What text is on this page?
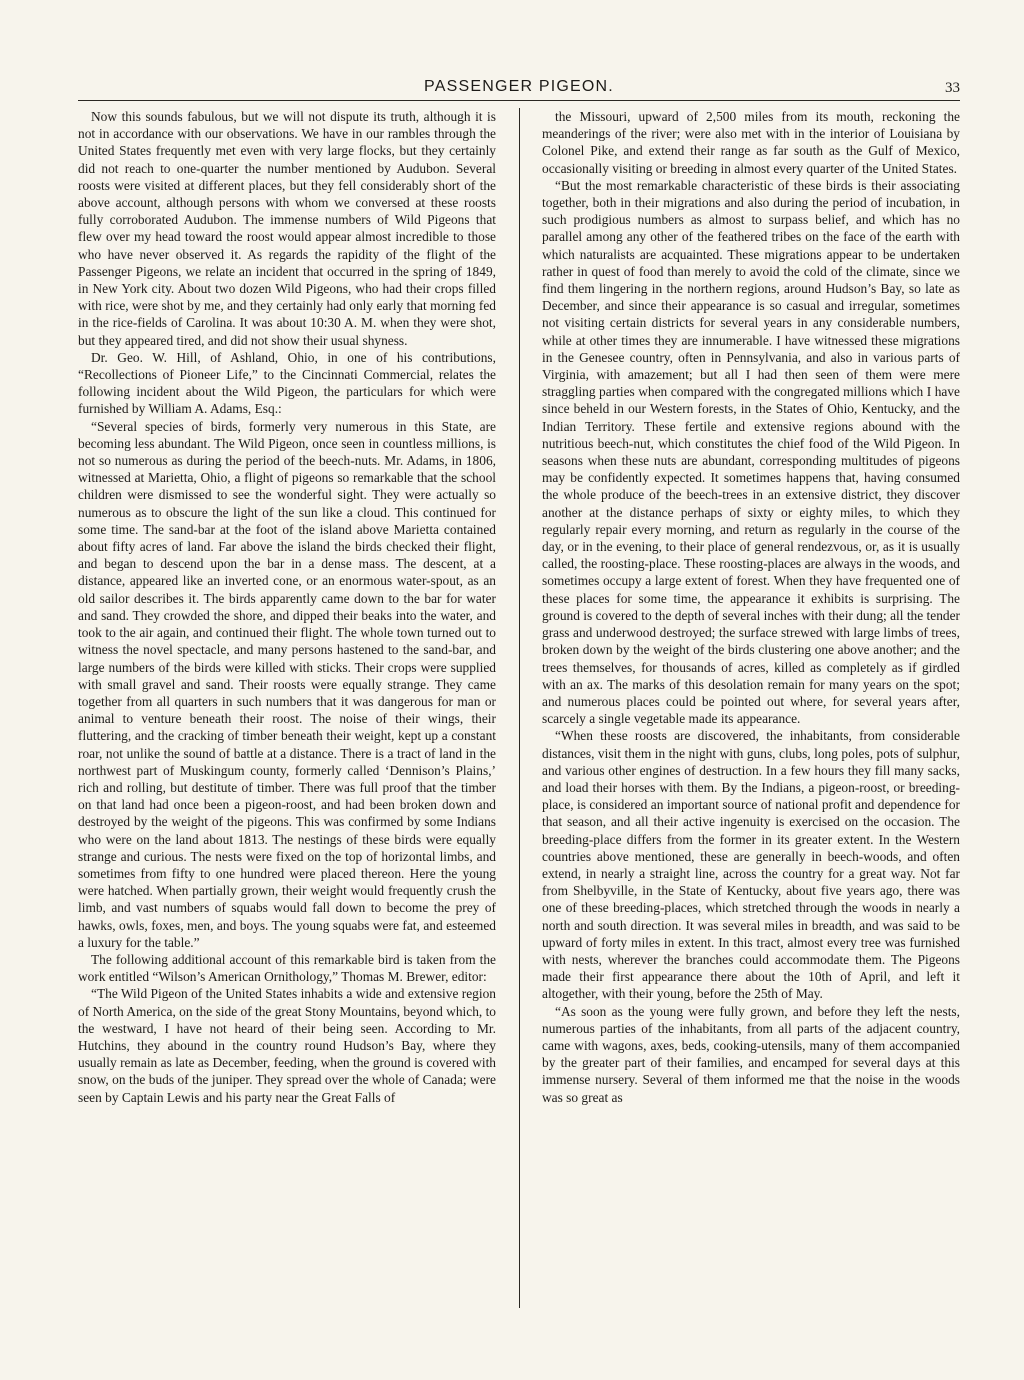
PASSENGER PIGEON.	33

Now this sounds fabulous, but we will not dispute its truth, although it is not in accordance with our observations. We have in our rambles through the United States frequently met even with very large flocks, but they certainly did not reach to one-quarter the number mentioned by Audubon. Several roosts were visited at different places, but they fell considerably short of the above account, although persons with whom we conversed at these roosts fully corroborated Audubon. The immense numbers of Wild Pigeons that flew over my head toward the roost would appear almost incredible to those who have never observed it. As regards the rapidity of the flight of the Passenger Pigeons, we relate an incident that occurred in the spring of 1849, in New York city. About two dozen Wild Pigeons, who had their crops filled with rice, were shot by me, and they certainly had only early that morning fed in the rice-fields of Carolina. It was about 10:30 A. M. when they were shot, but they appeared tired, and did not show their usual shyness.

Dr. Geo. W. Hill, of Ashland, Ohio, in one of his contributions, “Recollections of Pioneer Life,” to the Cincinnati Commercial, relates the following incident about the Wild Pigeon, the particulars for which were furnished by William A. Adams, Esq.:

“Several species of birds, formerly very numerous in this State, are becoming less abundant. The Wild Pigeon, once seen in countless millions, is not so numerous as during the period of the beech-nuts. Mr. Adams, in 1806, witnessed at Marietta, Ohio, a flight of pigeons so remarkable that the school children were dismissed to see the wonderful sight. They were actually so numerous as to obscure the light of the sun like a cloud. This continued for some time. The sand-bar at the foot of the island above Marietta contained about fifty acres of land. Far above the island the birds checked their flight, and began to descend upon the bar in a dense mass. The descent, at a distance, appeared like an inverted cone, or an enormous water-spout, as an old sailor describes it. The birds apparently came down to the bar for water and sand. They crowded the shore, and dipped their beaks into the water, and took to the air again, and continued their flight. The whole town turned out to witness the novel spectacle, and many persons hastened to the sand-bar, and large numbers of the birds were killed with sticks. Their crops were supplied with small gravel and sand. Their roosts were equally strange. They came together from all quarters in such numbers that it was dangerous for man or animal to venture beneath their roost. The noise of their wings, their fluttering, and the cracking of timber beneath their weight, kept up a constant roar, not unlike the sound of battle at a distance. There is a tract of land in the northwest part of Muskingum county, formerly called ‘Dennison’s Plains,’ rich and rolling, but destitute of timber. There was full proof that the timber on that land had once been a pigeon-roost, and had been broken down and destroyed by the weight of the pigeons. This was confirmed by some Indians who were on the land about 1813. The nestings of these birds were equally strange and curious. The nests were fixed on the top of horizontal limbs, and sometimes from fifty to one hundred were placed thereon. Here the young were hatched. When partially grown, their weight would frequently crush the limb, and vast numbers of squabs would fall down to become the prey of hawks, owls, foxes, men, and boys. The young squabs were fat, and esteemed a luxury for the table.”

The following additional account of this remarkable bird is taken from the work entitled “Wilson’s American Ornithology,” Thomas M. Brewer, editor:

“The Wild Pigeon of the United States inhabits a wide and extensive region of North America, on the side of the great Stony Mountains, beyond which, to the westward, I have not heard of their being seen. According to Mr. Hutchins, they abound in the country round Hudson’s Bay, where they usually remain as late as December, feeding, when the ground is covered with snow, on the buds of the juniper. They spread over the whole of Canada; were seen by Captain Lewis and his party near the Great Falls of

the Missouri, upward of 2,500 miles from its mouth, reckoning the meanderings of the river; were also met with in the interior of Louisiana by Colonel Pike, and extend their range as far south as the Gulf of Mexico, occasionally visiting or breeding in almost every quarter of the United States.

“But the most remarkable characteristic of these birds is their associating together, both in their migrations and also during the period of incubation, in such prodigious numbers as almost to surpass belief, and which has no parallel among any other of the feathered tribes on the face of the earth with which naturalists are acquainted. These migrations appear to be undertaken rather in quest of food than merely to avoid the cold of the climate, since we find them lingering in the northern regions, around Hudson’s Bay, so late as December, and since their appearance is so casual and irregular, sometimes not visiting certain districts for several years in any considerable numbers, while at other times they are innumerable. I have witnessed these migrations in the Genesee country, often in Pennsylvania, and also in various parts of Virginia, with amazement; but all I had then seen of them were mere straggling parties when compared with the congregated millions which I have since beheld in our Western forests, in the States of Ohio, Kentucky, and the Indian Territory. These fertile and extensive regions abound with the nutritious beech-nut, which constitutes the chief food of the Wild Pigeon. In seasons when these nuts are abundant, corresponding multitudes of pigeons may be confidently expected. It sometimes happens that, having consumed the whole produce of the beech-trees in an extensive district, they discover another at the distance perhaps of sixty or eighty miles, to which they regularly repair every morning, and return as regularly in the course of the day, or in the evening, to their place of general rendezvous, or, as it is usually called, the roosting-place. These roosting-places are always in the woods, and sometimes occupy a large extent of forest. When they have frequented one of these places for some time, the appearance it exhibits is surprising. The ground is covered to the depth of several inches with their dung; all the tender grass and underwood destroyed; the surface strewed with large limbs of trees, broken down by the weight of the birds clustering one above another; and the trees themselves, for thousands of acres, killed as completely as if girdled with an ax. The marks of this desolation remain for many years on the spot; and numerous places could be pointed out where, for several years after, scarcely a single vegetable made its appearance.

“When these roosts are discovered, the inhabitants, from considerable distances, visit them in the night with guns, clubs, long poles, pots of sulphur, and various other engines of destruction. In a few hours they fill many sacks, and load their horses with them. By the Indians, a pigeon-roost, or breeding-place, is considered an important source of national profit and dependence for that season, and all their active ingenuity is exercised on the occasion. The breeding-place differs from the former in its greater extent. In the Western countries above mentioned, these are generally in beech-woods, and often extend, in nearly a straight line, across the country for a great way. Not far from Shelbyville, in the State of Kentucky, about five years ago, there was one of these breeding-places, which stretched through the woods in nearly a north and south direction. It was several miles in breadth, and was said to be upward of forty miles in extent. In this tract, almost every tree was furnished with nests, wherever the branches could accommodate them. The Pigeons made their first appearance there about the 10th of April, and left it altogether, with their young, before the 25th of May.

“As soon as the young were fully grown, and before they left the nests, numerous parties of the inhabitants, from all parts of the adjacent country, came with wagons, axes, beds, cooking-utensils, many of them accompanied by the greater part of their families, and encamped for several days at this immense nursery. Several of them informed me that the noise in the woods was so great as
